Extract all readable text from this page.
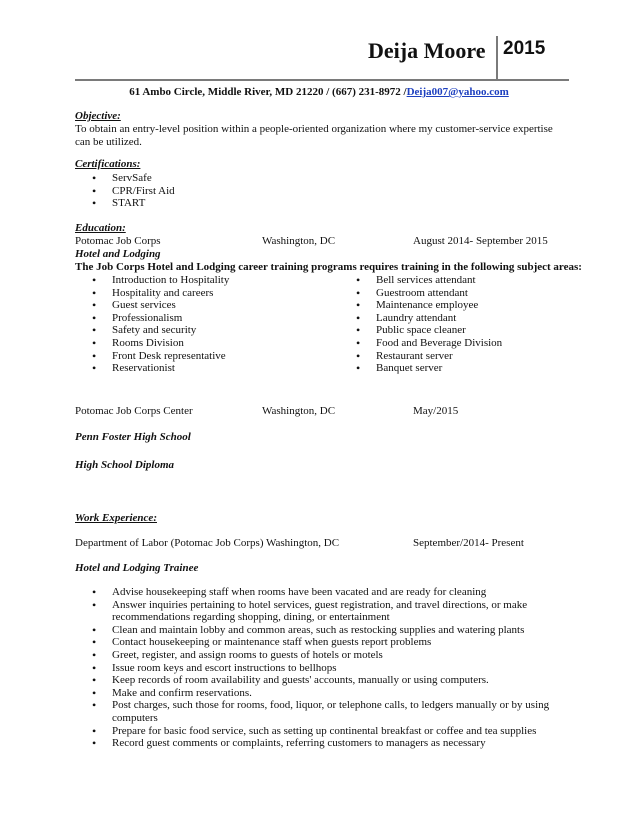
Deija Moore 2015
61 Ambo Circle, Middle River, MD 21220 / (667) 231-8972 /Deija007@yahoo.com
Objective:
To obtain an entry-level position within a people-oriented organization where my customer-service expertise can be utilized.
Certifications:
• ServSafe
• CPR/First Aid
• START
Education:
Potomac Job Corps	Washington, DC	August 2014- September 2015
Hotel and Lodging
The Job Corps Hotel and Lodging career training programs requires training in the following subject areas:
• Introduction to Hospitality
• Hospitality and careers
• Guest services
• Professionalism
• Safety and security
• Rooms Division
• Front Desk representative
• Reservationist
• Bell services attendant
• Guestroom attendant
• Maintenance employee
• Laundry attendant
• Public space cleaner
• Food and Beverage Division
• Restaurant server
• Banquet server
Potomac Job Corps Center	Washington, DC	May/2015
Penn Foster High School
High School Diploma
Work Experience:
Department of Labor (Potomac Job Corps) Washington, DC	September/2014- Present
Hotel and Lodging Trainee
• Advise housekeeping staff when rooms have been vacated and are ready for cleaning
• Answer inquiries pertaining to hotel services, guest registration, and travel directions, or make recommendations regarding shopping, dining, or entertainment
• Clean and maintain lobby and common areas, such as restocking supplies and watering plants
• Contact housekeeping or maintenance staff when guests report problems
• Greet, register, and assign rooms to guests of hotels or motels
• Issue room keys and escort instructions to bellhops
• Keep records of room availability and guests' accounts, manually or using computers.
• Make and confirm reservations.
• Post charges, such those for rooms, food, liquor, or telephone calls, to ledgers manually or by using computers
• Prepare for basic food service, such as setting up continental breakfast or coffee and tea supplies
• Record guest comments or complaints, referring customers to managers as necessary
